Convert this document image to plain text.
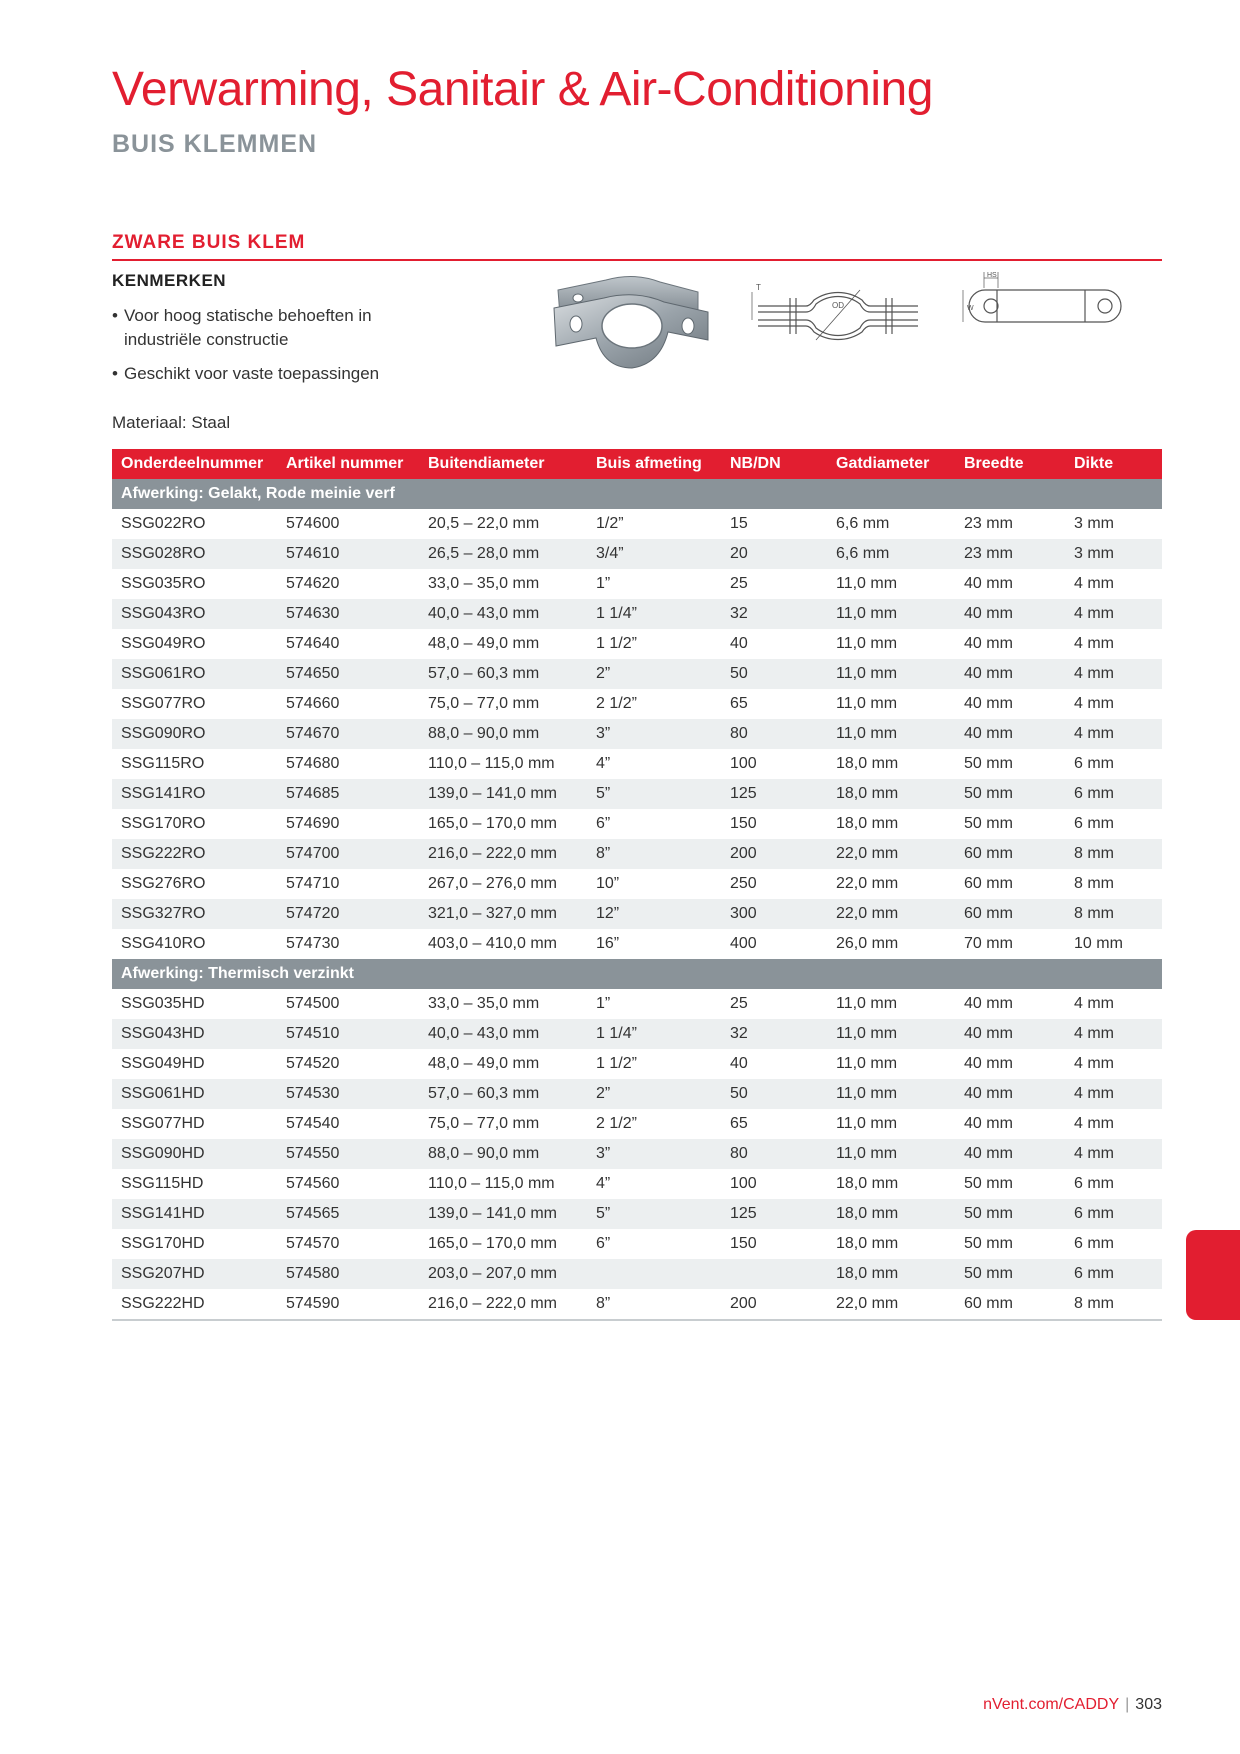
Verwarming, Sanitair & Air-Conditioning
BUIS KLEMMEN
ZWARE BUIS KLEM
KENMERKEN
• Voor hoog statische behoeften in industriële constructie
• Geschikt voor vaste toepassingen

Materiaal: Staal

T
OD
HS
W
Onderdeelnummer	Artikel nummer	Buitendiameter	Buis afmeting	NB/DN	Gatdiameter	Breedte	Dikte
Afwerking: Gelakt, Rode meinie verf							
SSG022RO	574600	20,5 – 22,0 mm	1/2”	15	6,6 mm	23 mm	3 mm
SSG028RO	574610	26,5 – 28,0 mm	3/4”	20	6,6 mm	23 mm	3 mm
SSG035RO	574620	33,0 – 35,0 mm	1”	25	11,0 mm	40 mm	4 mm
SSG043RO	574630	40,0 – 43,0 mm	1 1/4”	32	11,0 mm	40 mm	4 mm
SSG049RO	574640	48,0 – 49,0 mm	1 1/2”	40	11,0 mm	40 mm	4 mm
SSG061RO	574650	57,0 – 60,3 mm	2”	50	11,0 mm	40 mm	4 mm
SSG077RO	574660	75,0 – 77,0 mm	2 1/2”	65	11,0 mm	40 mm	4 mm
SSG090RO	574670	88,0 – 90,0 mm	3”	80	11,0 mm	40 mm	4 mm
SSG115RO	574680	110,0 – 115,0 mm	4”	100	18,0 mm	50 mm	6 mm
SSG141RO	574685	139,0 – 141,0 mm	5”	125	18,0 mm	50 mm	6 mm
SSG170RO	574690	165,0 – 170,0 mm	6”	150	18,0 mm	50 mm	6 mm
SSG222RO	574700	216,0 – 222,0 mm	8”	200	22,0 mm	60 mm	8 mm
SSG276RO	574710	267,0 – 276,0 mm	10”	250	22,0 mm	60 mm	8 mm
SSG327RO	574720	321,0 – 327,0 mm	12”	300	22,0 mm	60 mm	8 mm
SSG410RO	574730	403,0 – 410,0 mm	16”	400	26,0 mm	70 mm	10 mm
Afwerking: Thermisch verzinkt							
SSG035HD	574500	33,0 – 35,0 mm	1”	25	11,0 mm	40 mm	4 mm
SSG043HD	574510	40,0 – 43,0 mm	1 1/4”	32	11,0 mm	40 mm	4 mm
SSG049HD	574520	48,0 – 49,0 mm	1 1/2”	40	11,0 mm	40 mm	4 mm
SSG061HD	574530	57,0 – 60,3 mm	2”	50	11,0 mm	40 mm	4 mm
SSG077HD	574540	75,0 – 77,0 mm	2 1/2”	65	11,0 mm	40 mm	4 mm
SSG090HD	574550	88,0 – 90,0 mm	3”	80	11,0 mm	40 mm	4 mm
SSG115HD	574560	110,0 – 115,0 mm	4”	100	18,0 mm	50 mm	6 mm
SSG141HD	574565	139,0 – 141,0 mm	5”	125	18,0 mm	50 mm	6 mm
SSG170HD	574570	165,0 – 170,0 mm	6”	150	18,0 mm	50 mm	6 mm
SSG207HD	574580	203,0 – 207,0 mm			18,0 mm	50 mm	6 mm
SSG222HD	574590	216,0 – 222,0 mm	8”	200	22,0 mm	60 mm	8 mm
nVent.com/CADDY | 303
